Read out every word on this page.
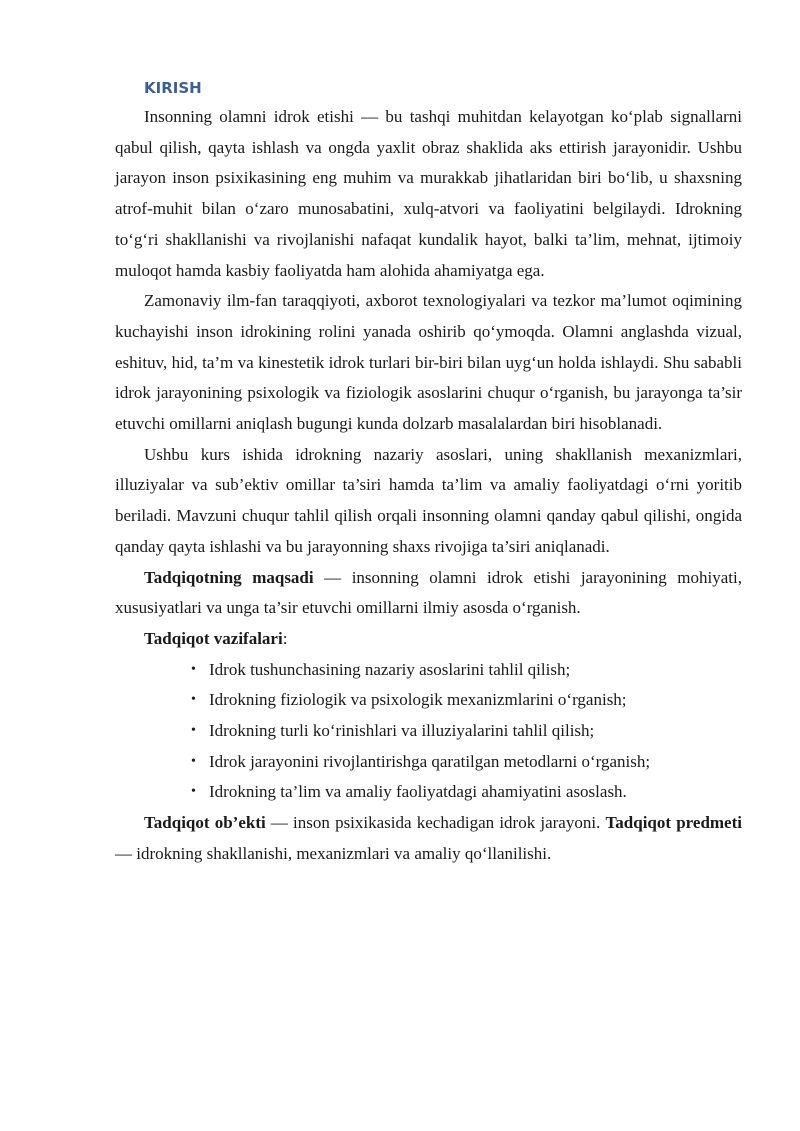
KIRISH

Insonning olamni idrok etishi — bu tashqi muhitdan kelayotgan ko‘plab signallarni qabul qilish, qayta ishlash va ongda yaxlit obraz shaklida aks ettirish jarayonidir. Ushbu jarayon inson psixikasining eng muhim va murakkab jihatlaridan biri bo‘lib, u shaxsning atrof-muhit bilan o‘zaro munosabatini, xulq-atvori va faoliyatini belgilaydi. Idrokning to‘g‘ri shakllanishi va rivojlanishi nafaqat kundalik hayot, balki ta’lim, mehnat, ijtimoiy muloqot hamda kasbiy faoliyatda ham alohida ahamiyatga ega.

Zamonaviy ilm-fan taraqqiyoti, axborot texnologiyalari va tezkor ma’lumot oqimining kuchayishi inson idrokining rolini yanada oshirib qo‘ymoqda. Olamni anglashda vizual, eshituv, hid, ta’m va kinestetik idrok turlari bir-biri bilan uyg‘un holda ishlaydi. Shu sababli idrok jarayonining psixologik va fiziologik asoslarini chuqur o‘rganish, bu jarayonga ta’sir etuvchi omillarni aniqlash bugungi kunda dolzarb masalalardan biri hisoblanadi.

Ushbu kurs ishida idrokning nazariy asoslari, uning shakllanish mexanizmlari, illuziyalar va sub’ektiv omillar ta’siri hamda ta’lim va amaliy faoliyatdagi o‘rni yoritib beriladi. Mavzuni chuqur tahlil qilish orqali insonning olamni qanday qabul qilishi, ongida qanday qayta ishlashi va bu jarayonning shaxs rivojiga ta’siri aniqlanadi.

Tadqiqotning maqsadi — insonning olamni idrok etishi jarayonining mohiyati, xususiyatlari va unga ta’sir etuvchi omillarni ilmiy asosda o‘rganish.

Tadqiqot vazifalari:

• Idrok tushunchasining nazariy asoslarini tahlil qilish;
• Idrokning fiziologik va psixologik mexanizmlarini o‘rganish;
• Idrokning turli ko‘rinishlari va illuziyalarini tahlil qilish;
• Idrok jarayonini rivojlantirishga qaratilgan metodlarni o‘rganish;
• Idrokning ta’lim va amaliy faoliyatdagi ahamiyatini asoslash.

Tadqiqot ob’ekti — inson psixikasida kechadigan idrok jarayoni. Tadqiqot predmeti — idrokning shakllanishi, mexanizmlari va amaliy qo‘llanilishi.
